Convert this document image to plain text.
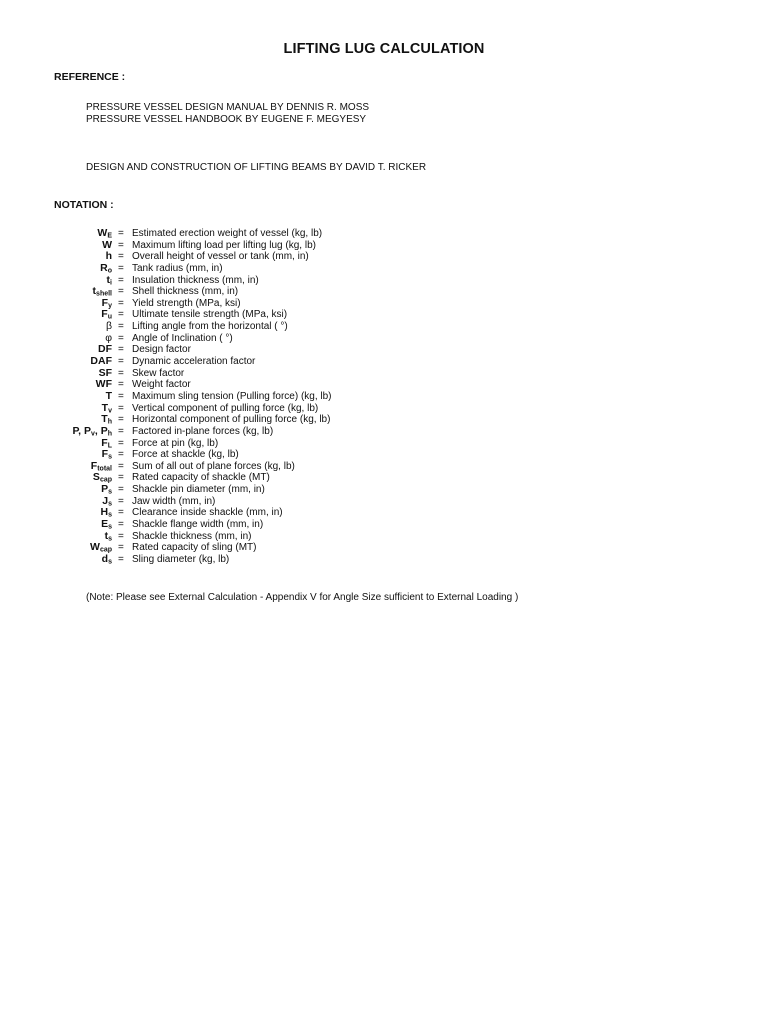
LIFTING LUG CALCULATION
REFERENCE :
PRESSURE VESSEL DESIGN MANUAL BY DENNIS R. MOSS
PRESSURE VESSEL HANDBOOK BY EUGENE F. MEGYESY
DESIGN AND CONSTRUCTION OF LIFTING BEAMS BY DAVID T. RICKER
NOTATION :
$W_E$ = Estimated erection weight of vessel (kg, lb)
W = Maximum lifting load per lifting lug (kg, lb)
h = Overall height of vessel or tank (mm, in)
$R_o$ = Tank radius (mm, in)
$t_i$ = Insulation thickness (mm, in)
$t_{shell}$ = Shell thickness (mm, in)
$F_y$ = Yield strength (MPa, ksi)
$F_u$ = Ultimate tensile strength (MPa, ksi)
β = Lifting angle from the horizontal ( °)
φ = Angle of Inclination ( °)
DF = Design factor
DAF = Dynamic acceleration factor
SF = Skew factor
WF = Weight factor
T = Maximum sling tension (Pulling force) (kg, lb)
$T_v$ = Vertical component of pulling force (kg, lb)
$T_h$ = Horizontal component of pulling force (kg, lb)
P, $P_v$, $P_h$ = Factored in-plane forces (kg, lb)
$F_L$ = Force at pin (kg, lb)
$F_s$ = Force at shackle (kg, lb)
$F_{total}$ = Sum of all out of plane forces (kg, lb)
$S_{cap}$ = Rated capacity of shackle (MT)
$P_s$ = Shackle pin diameter (mm, in)
$J_s$ = Jaw width (mm, in)
$H_s$ = Clearance inside shackle (mm, in)
$E_s$ = Shackle flange width (mm, in)
$t_s$ = Shackle thickness (mm, in)
$W_{cap}$ = Rated capacity of sling (MT)
$d_s$ = Sling diameter (kg, lb)
(Note: Please see External Calculation - Appendix V for Angle Size sufficient to External Loading )
